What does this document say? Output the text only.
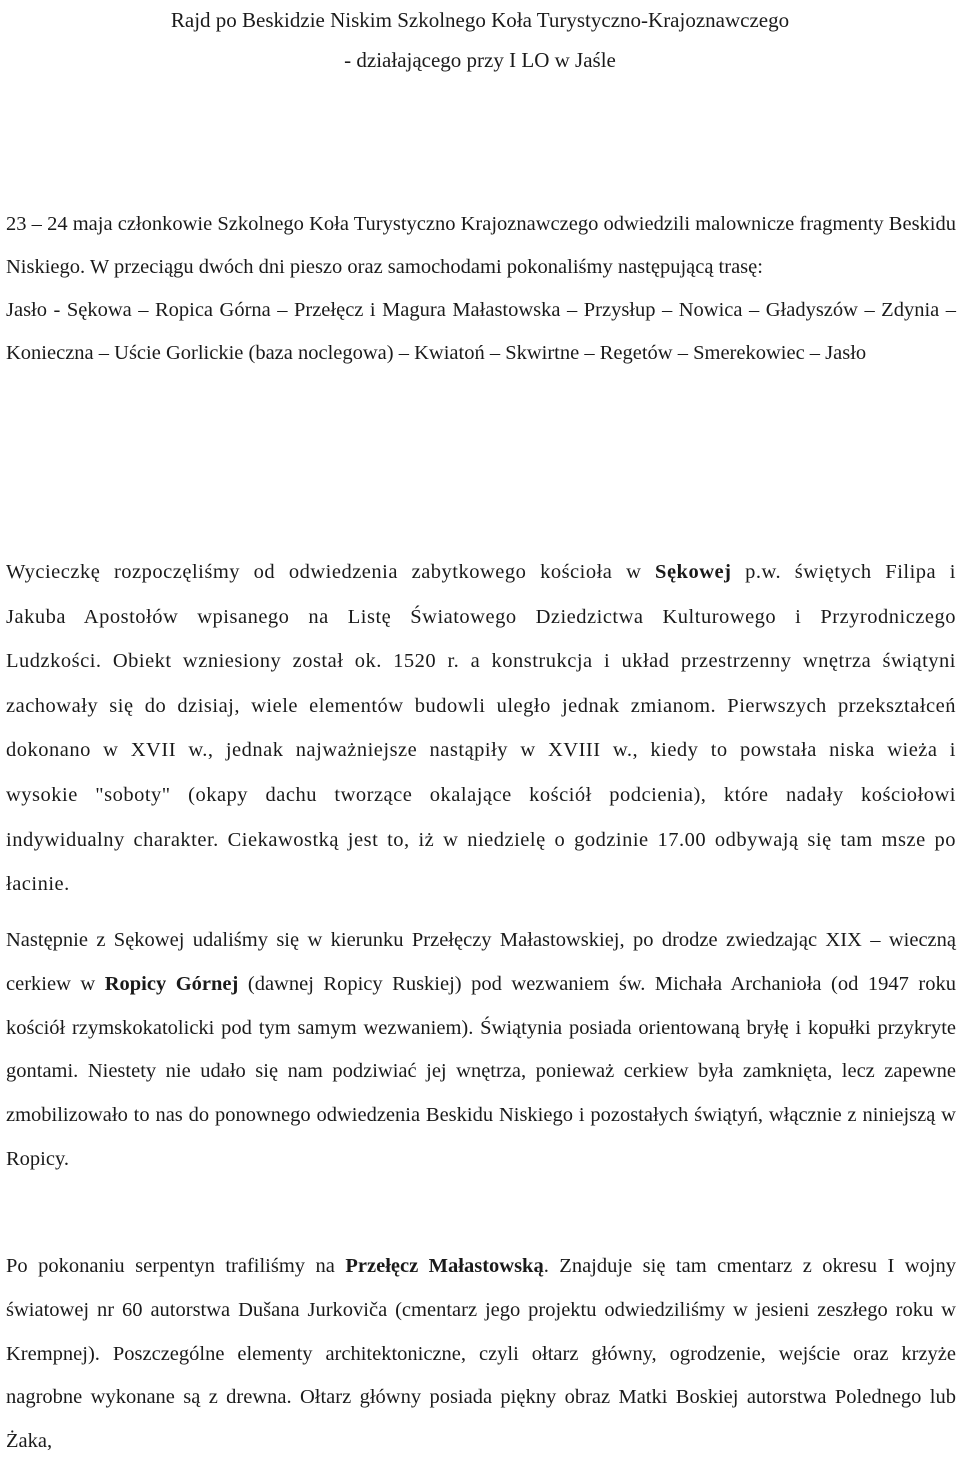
Rajd po Beskidzie Niskim Szkolnego Koła Turystyczno-Krajoznawczego
- działającego przy I LO w Jaśle

23 – 24 maja członkowie Szkolnego Koła Turystyczno Krajoznawczego odwiedzili malownicze fragmenty Beskidu Niskiego. W przeciągu dwóch dni pieszo oraz samochodami pokonaliśmy następującą trasę:

Jasło - Sękowa – Ropica Górna – Przełęcz i Magura Małastowska – Przysłup – Nowica – Gładyszów – Zdynia – Konieczna – Uście Gorlickie (baza noclegowa) – Kwiatoń – Skwirtne – Regetów – Smerekowiec – Jasło

Wycieczkę rozpoczęliśmy od odwiedzenia zabytkowego kościoła w Sękowej p.w. świętych Filipa i Jakuba Apostołów wpisanego na Listę Światowego Dziedzictwa Kulturowego i Przyrodniczego Ludzkości. Obiekt wzniesiony został ok. 1520 r. a konstrukcja i układ przestrzenny wnętrza świątyni zachowały się do dzisiaj, wiele elementów budowli uległo jednak zmianom. Pierwszych przekształceń dokonano w XVII w., jednak najważniejsze nastąpiły w XVIII w., kiedy to powstała niska wieża i wysokie "soboty" (okapy dachu tworzące okalające kościół podcienia), które nadały kościołowi indywidualny charakter. Ciekawostką jest to, iż w niedzielę o godzinie 17.00 odbywają się tam msze po łacinie.

Następnie z Sękowej udaliśmy się w kierunku Przełęczy Małastowskiej, po drodze zwiedzając XIX – wieczną cerkiew w Ropicy Górnej (dawnej Ropicy Ruskiej) pod wezwaniem św. Michała Archanioła (od 1947 roku kościół rzymskokatolicki pod tym samym wezwaniem). Świątynia posiada orientowaną bryłę i kopułki przykryte gontami. Niestety nie udało się nam podziwiać jej wnętrza, ponieważ cerkiew była zamknięta, lecz zapewne zmobilizowało to nas do ponownego odwiedzenia Beskidu Niskiego i pozostałych świątyń, włącznie z niniejszą w Ropicy.

Po pokonaniu serpentyn trafiliśmy na Przełęcz Małastowską. Znajduje się tam cmentarz z okresu I wojny światowej nr 60 autorstwa Dušana Jurkoviča (cmentarz jego projektu odwiedziliśmy w jesieni zeszłego roku w Krempnej). Poszczególne elementy architektoniczne, czyli ołtarz główny, ogrodzenie, wejście oraz krzyże nagrobne wykonane są z drewna. Ołtarz główny posiada piękny obraz Matki Boskiej autorstwa Polednego lub Żaka,
